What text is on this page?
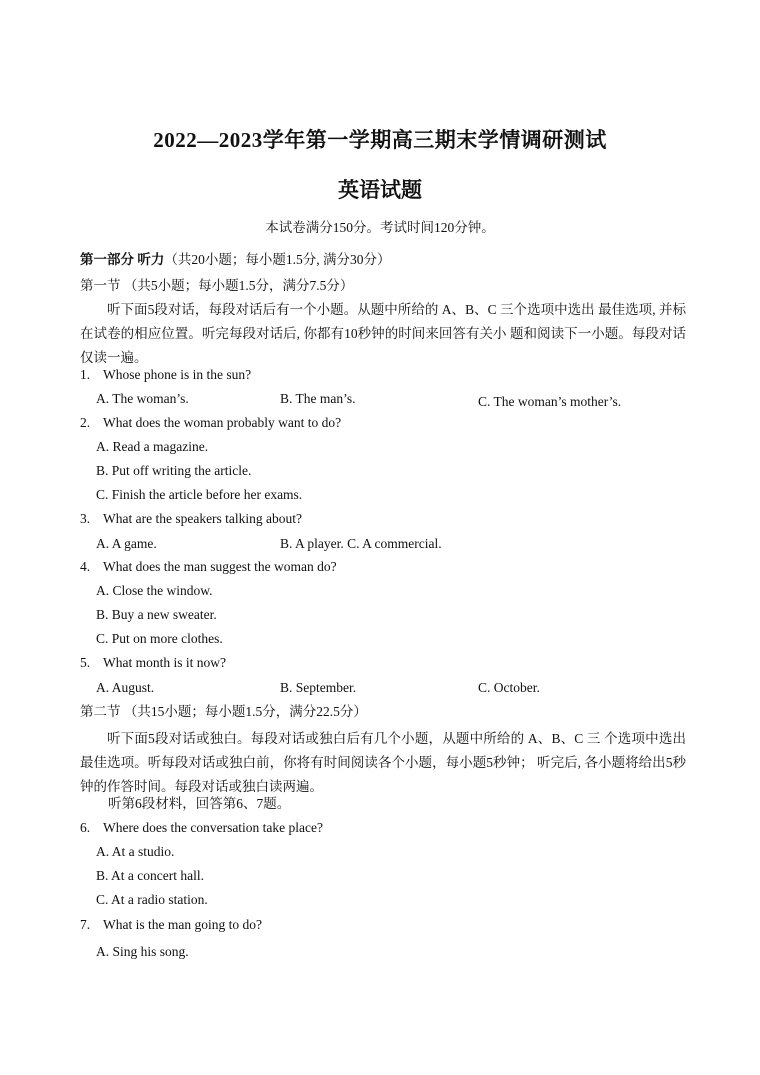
2022—2023学年第一学期高三期末学情调研测试
英语试题
本试卷满分150分。考试时间120分钟。
第一部分 听力（共20小题；每小题1.5分, 满分30分）
第一节 （共5小题；每小题1.5分，满分7.5分）
听下面5段对话，每段对话后有一个小题。从题中所给的 A、B、C 三个选项中选出 最佳选项, 并标在试卷的相应位置。听完每段对话后, 你都有10秒钟的时间来回答有关小 题和阅读下一小题。每段对话仅读一遍。
1. Whose phone is in the sun?
A. The woman’s.	B. The man’s.	C. The woman’s mother’s.
2. What does the woman probably want to do?
A. Read a magazine.
B. Put off writing the article.
C. Finish the article before her exams.
3. What are the speakers talking about?
A. A game.	B. A player. C. A commercial.
4. What does the man suggest the woman do?
A. Close the window.
B. Buy a new sweater.
C. Put on more clothes.
5. What month is it now?
A. August.	B. September.	C. October.
第二节 （共15小题；每小题1.5分，满分22.5分）
听下面5段对话或独白。每段对话或独白后有几个小题，从题中所给的 A、B、C 三 个选项中选出最佳选项。听每段对话或独白前，你将有时间阅读各个小题，每小题5秒钟； 听完后, 各小题将给出5秒钟的作答时间。每段对话或独白读两遍。
听第6段材料，回答第6、7题。
6. Where does the conversation take place?
A. At a studio.
B. At a concert hall.
C. At a radio station.
7. What is the man going to do?
A. Sing his song.
